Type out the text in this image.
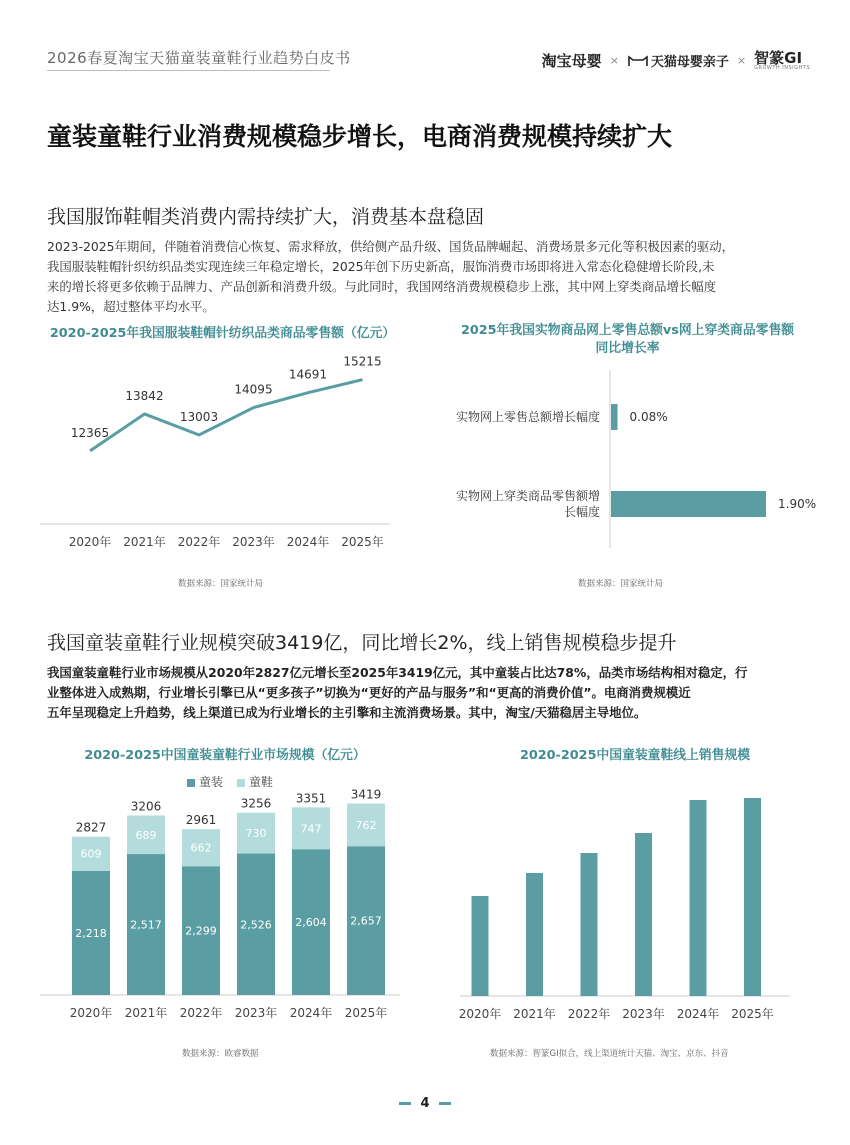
2026春夏淘宝天猫童装童鞋行业趋势白皮书	淘宝母婴 × 天猫母婴亲子 × 智篆GI
GROWTH INSIGHTS
童装童鞋行业消费规模稳步增长，电商消费规模持续扩大
我国服饰鞋帽类消费内需持续扩大，消费基本盘稳固
2023-2025年期间，伴随着消费信心恢复、需求释放，供给侧产品升级、国货品牌崛起、消费场景多元化等积极因素的驱动，
我国服装鞋帽针织纺织品类实现连续三年稳定增长，2025年创下历史新高，服饰消费市场即将进入常态化稳健增长阶段,未
来的增长将更多依赖于品牌力、产品创新和消费升级。与此同时，我国网络消费规模稳步上涨，其中网上穿类商品增长幅度
达1.9%，超过整体平均水平。
2020-2025年我国服装鞋帽针纺织品类商品零售额（亿元）
12365
2020年
13842
2021年
13003
2022年
14095
2023年
14691
2024年
15215
2025年
数据来源：国家统计局
2025年我国实物商品网上零售总额vs网上穿类商品零售额
同比增长率
0.08%
实物网上零售总额增长幅度
1.90%
实物网上穿类商品零售额增
长幅度
数据来源：国家统计局
我国童装童鞋行业规模突破3419亿，同比增长2%，线上销售规模稳步提升
我国童装童鞋行业市场规模从2020年2827亿元增长至2025年3419亿元，其中童装占比达78%，品类市场结构相对稳定，行
业整体进入成熟期，行业增长引擎已从“更多孩子”切换为“更好的产品与服务”和“更高的消费价值”。电商消费规模近
五年呈现稳定上升趋势，线上渠道已成为行业增长的主引擎和主流消费场景。其中，淘宝/天猫稳居主导地位。
2020-2025中国童装童鞋行业市场规模（亿元）
童装	童鞋
2,218
609
2827
2020年
2,517
689
3206
2021年
2,299
662
2961
2022年
2,526
730
3256
2023年
2,604
747
3351
2024年
2,657
762
3419
2025年
数据来源：欧睿数据
2020-2025中国童装童鞋线上销售规模
2020年 2021年 2022年 2023年 2024年 2025年
数据来源：智篆GI拟合，线上渠道统计天猫、淘宝、京东、抖音
4
